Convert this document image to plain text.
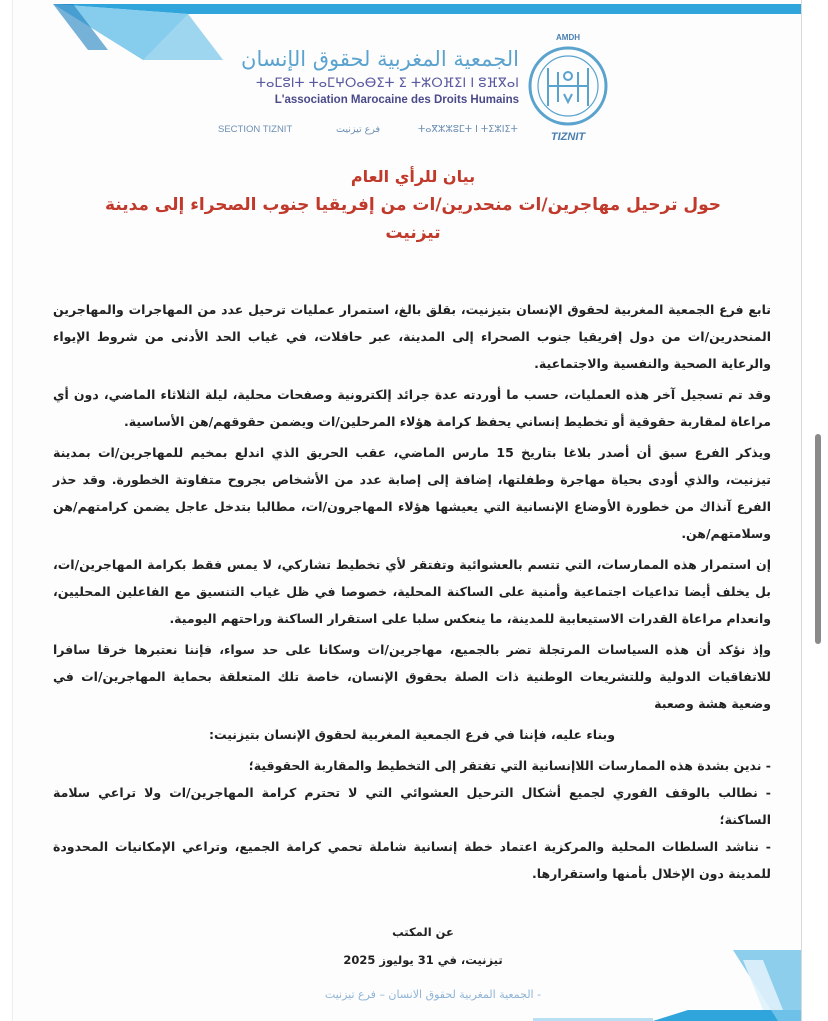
AMDH
TIZNIT
الجمعية المغربية لحقوق الإنسان
ⵜⴰⵎⵓⵏⵜ ⵜⴰⵎⵖⵔⴰⴱⵉⵜ ⵉ ⵜⵣⵔⴼⵉⵏ ⵏ ⵓⴼⴳⴰⵏ
L'association Marocaine des Droits Humains
SECTION TIZNIT	فرع تيزنيت	ⵜⴰⴳⵣⵣⵓⵎⵜ ⵏ ⵜⵉⵣⵏⵉⵜ
بيان للرأي العام
حول ترحيل مهاجرين/ات منحدرين/ات من إفريقيا جنوب الصحراء إلى مدينة تيزنيت

تابع فرع الجمعية المغربية لحقوق الإنسان بتيزنيت، بقلق بالغ، استمرار عمليات ترحيل عدد من المهاجرات والمهاجرين المنحدرين/ات من دول إفريقيا جنوب الصحراء إلى المدينة، عبر حافلات، في غياب الحد الأدنى من شروط الإيواء والرعاية الصحية والنفسية والاجتماعية.

وقد تم تسجيل آخر هذه العمليات، حسب ما أوردته عدة جرائد إلكترونية وصفحات محلية، ليلة الثلاثاء الماضي، دون أي مراعاة لمقاربة حقوقية أو تخطيط إنساني يحفظ كرامة هؤلاء المرحلين/ات ويضمن حقوقهم/هن الأساسية.

ويذكر الفرع سبق أن أصدر بلاغا بتاريخ 15 مارس الماضي، عقب الحريق الذي اندلع بمخيم للمهاجرين/ات بمدينة تيزنيت، والذي أودى بحياة مهاجرة وطفلتها، إضافة إلى إصابة عدد من الأشخاص بجروح متفاوتة الخطورة. وقد حذر الفرع آنذاك من خطورة الأوضاع الإنسانية التي يعيشها هؤلاء المهاجرون/ات، مطالبا بتدخل عاجل يضمن كرامتهم/هن وسلامتهم/هن.

إن استمرار هذه الممارسات، التي تتسم بالعشوائية وتفتقر لأي تخطيط تشاركي، لا يمس فقط بكرامة المهاجرين/ات، بل يخلف أيضا تداعيات اجتماعية وأمنية على الساكنة المحلية، خصوصا في ظل غياب التنسيق مع الفاعلين المحليين، وانعدام مراعاة القدرات الاستيعابية للمدينة، ما ينعكس سلبا على استقرار الساكنة وراحتهم اليومية.

وإذ نؤكد أن هذه السياسات المرتجلة تضر بالجميع، مهاجرين/ات وسكانا على حد سواء، فإننا نعتبرها خرقا سافرا للاتفاقيات الدولية وللتشريعات الوطنية ذات الصلة بحقوق الإنسان، خاصة تلك المتعلقة بحماية المهاجرين/ات في وضعية هشة وصعبة

وبناء عليه، فإننا في فرع الجمعية المغربية لحقوق الإنسان بتيزنيت:

- ندين بشدة هذه الممارسات اللاإنسانية التي تفتقر إلى التخطيط والمقاربة الحقوقية؛

- نطالب بالوقف الفوري لجميع أشكال الترحيل العشوائي التي لا تحترم كرامة المهاجرين/ات ولا تراعي سلامة الساكنة؛

- نناشد السلطات المحلية والمركزية اعتماد خطة إنسانية شاملة تحمي كرامة الجميع، وتراعي الإمكانيات المحدودة للمدينة دون الإخلال بأمنها واستقرارها.

عن المكتب
تيزنيت، في 31 يوليوز 2025
- الجمعية المغربية لحقوق الانسان – فرع تيزنيت
